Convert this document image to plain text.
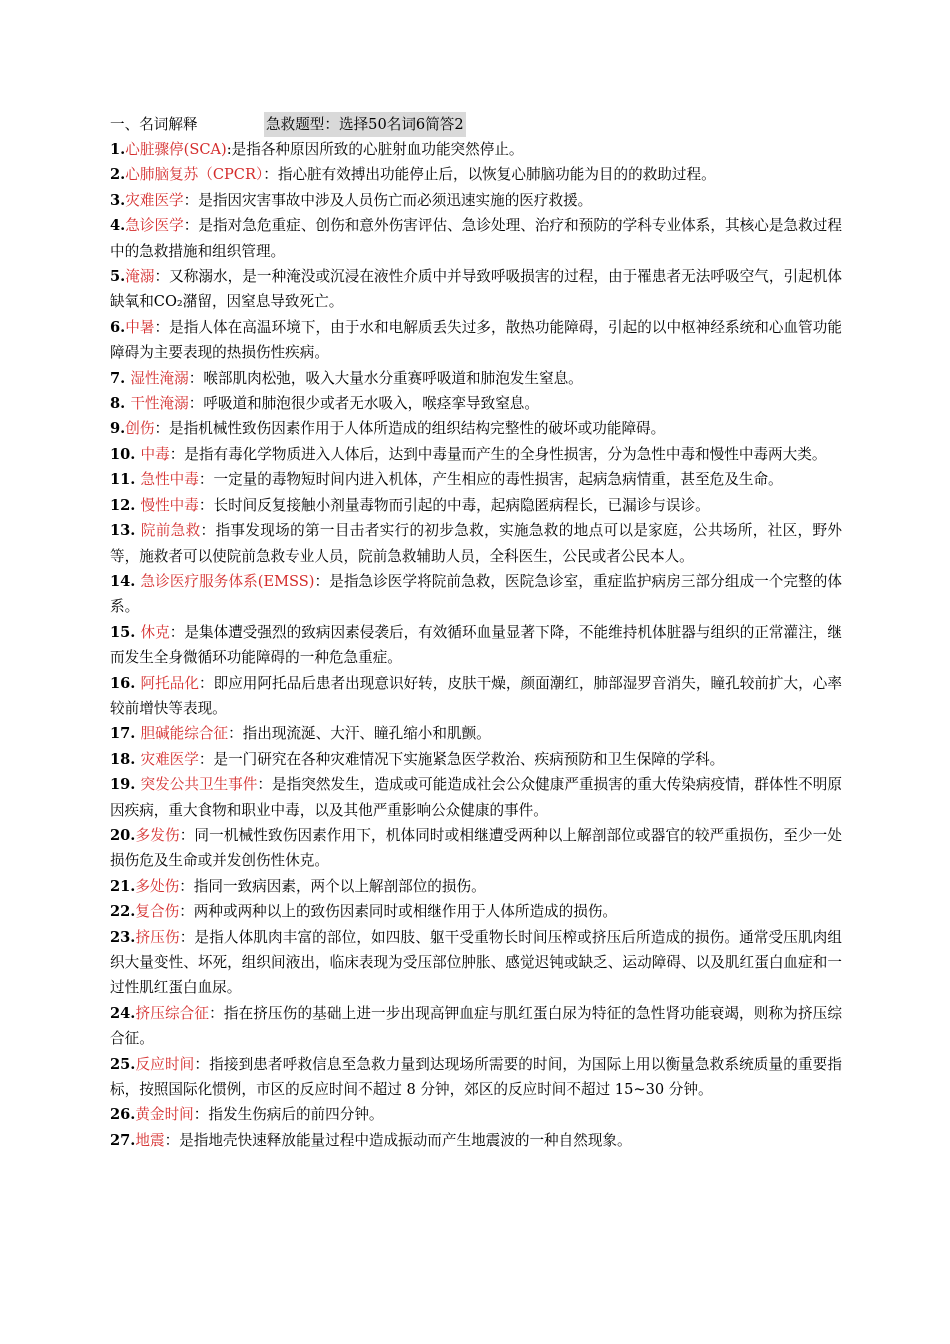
一、名词解释	急救题型：选择50名词6简答2

1.心脏骤停(SCA):是指各种原因所致的心脏射血功能突然停止。

2.心肺脑复苏（CPCR）：指心脏有效搏出功能停止后，以恢复心肺脑功能为目的的救助过程。

3.灾难医学：是指因灾害事故中涉及人员伤亡而必须迅速实施的医疗救援。

4.急诊医学：是指对急危重症、创伤和意外伤害评估、急诊处理、治疗和预防的学科专业体系，其核心是急救过程中的急救措施和组织管理。

5.淹溺：又称溺水，是一种淹没或沉浸在液性介质中并导致呼吸损害的过程，由于罹患者无法呼吸空气，引起机体缺氧和CO₂潴留，因窒息导致死亡。

6.中暑：是指人体在高温环境下，由于水和电解质丢失过多，散热功能障碍，引起的以中枢神经系统和心血管功能障碍为主要表现的热损伤性疾病。

7. 湿性淹溺：喉部肌肉松弛，吸入大量水分重赛呼吸道和肺泡发生窒息。

8. 干性淹溺：呼吸道和肺泡很少或者无水吸入，喉痉挛导致窒息。

9.创伤：是指机械性致伤因素作用于人体所造成的组织结构完整性的破坏或功能障碍。

10. 中毒：是指有毒化学物质进入人体后，达到中毒量而产生的全身性损害，分为急性中毒和慢性中毒两大类。

11. 急性中毒：一定量的毒物短时间内进入机体，产生相应的毒性损害，起病急病情重，甚至危及生命。

12. 慢性中毒：长时间反复接触小剂量毒物而引起的中毒，起病隐匿病程长，已漏诊与误诊。

13. 院前急救：指事发现场的第一目击者实行的初步急救，实施急救的地点可以是家庭，公共场所，社区，野外等，施救者可以使院前急救专业人员，院前急救辅助人员，全科医生，公民或者公民本人。

14. 急诊医疗服务体系(EMSS)：是指急诊医学将院前急救，医院急诊室，重症监护病房三部分组成一个完整的体系。

15. 休克：是集体遭受强烈的致病因素侵袭后，有效循环血量显著下降，不能维持机体脏器与组织的正常灌注，继而发生全身微循环功能障碍的一种危急重症。

16. 阿托品化：即应用阿托品后患者出现意识好转，皮肤干燥，颜面潮红，肺部湿罗音消失，瞳孔较前扩大，心率较前增快等表现。

17. 胆碱能综合征：指出现流涎、大汗、瞳孔缩小和肌颤。

18. 灾难医学：是一门研究在各种灾难情况下实施紧急医学救治、疾病预防和卫生保障的学科。

19. 突发公共卫生事件：是指突然发生，造成或可能造成社会公众健康严重损害的重大传染病疫情，群体性不明原因疾病，重大食物和职业中毒，以及其他严重影响公众健康的事件。

20.多发伤：同一机械性致伤因素作用下，机体同时或相继遭受两种以上解剖部位或器官的较严重损伤，至少一处损伤危及生命或并发创伤性休克。

21.多处伤：指同一致病因素，两个以上解剖部位的损伤。

22.复合伤：两种或两种以上的致伤因素同时或相继作用于人体所造成的损伤。

23.挤压伤：是指人体肌肉丰富的部位，如四肢、躯干受重物长时间压榨或挤压后所造成的损伤。通常受压肌肉组织大量变性、坏死，组织间液出，临床表现为受压部位肿胀、感觉迟钝或缺乏、运动障碍、以及肌红蛋白血症和一过性肌红蛋白血尿。

24.挤压综合征：指在挤压伤的基础上进一步出现高钾血症与肌红蛋白尿为特征的急性肾功能衰竭，则称为挤压综合征。

25.反应时间：指接到患者呼救信息至急救力量到达现场所需要的时间，为国际上用以衡量急救系统质量的重要指标，按照国际化惯例，市区的反应时间不超过 8 分钟，郊区的反应时间不超过 15~30 分钟。

26.黄金时间：指发生伤病后的前四分钟。

27.地震：是指地壳快速释放能量过程中造成振动而产生地震波的一种自然现象。
